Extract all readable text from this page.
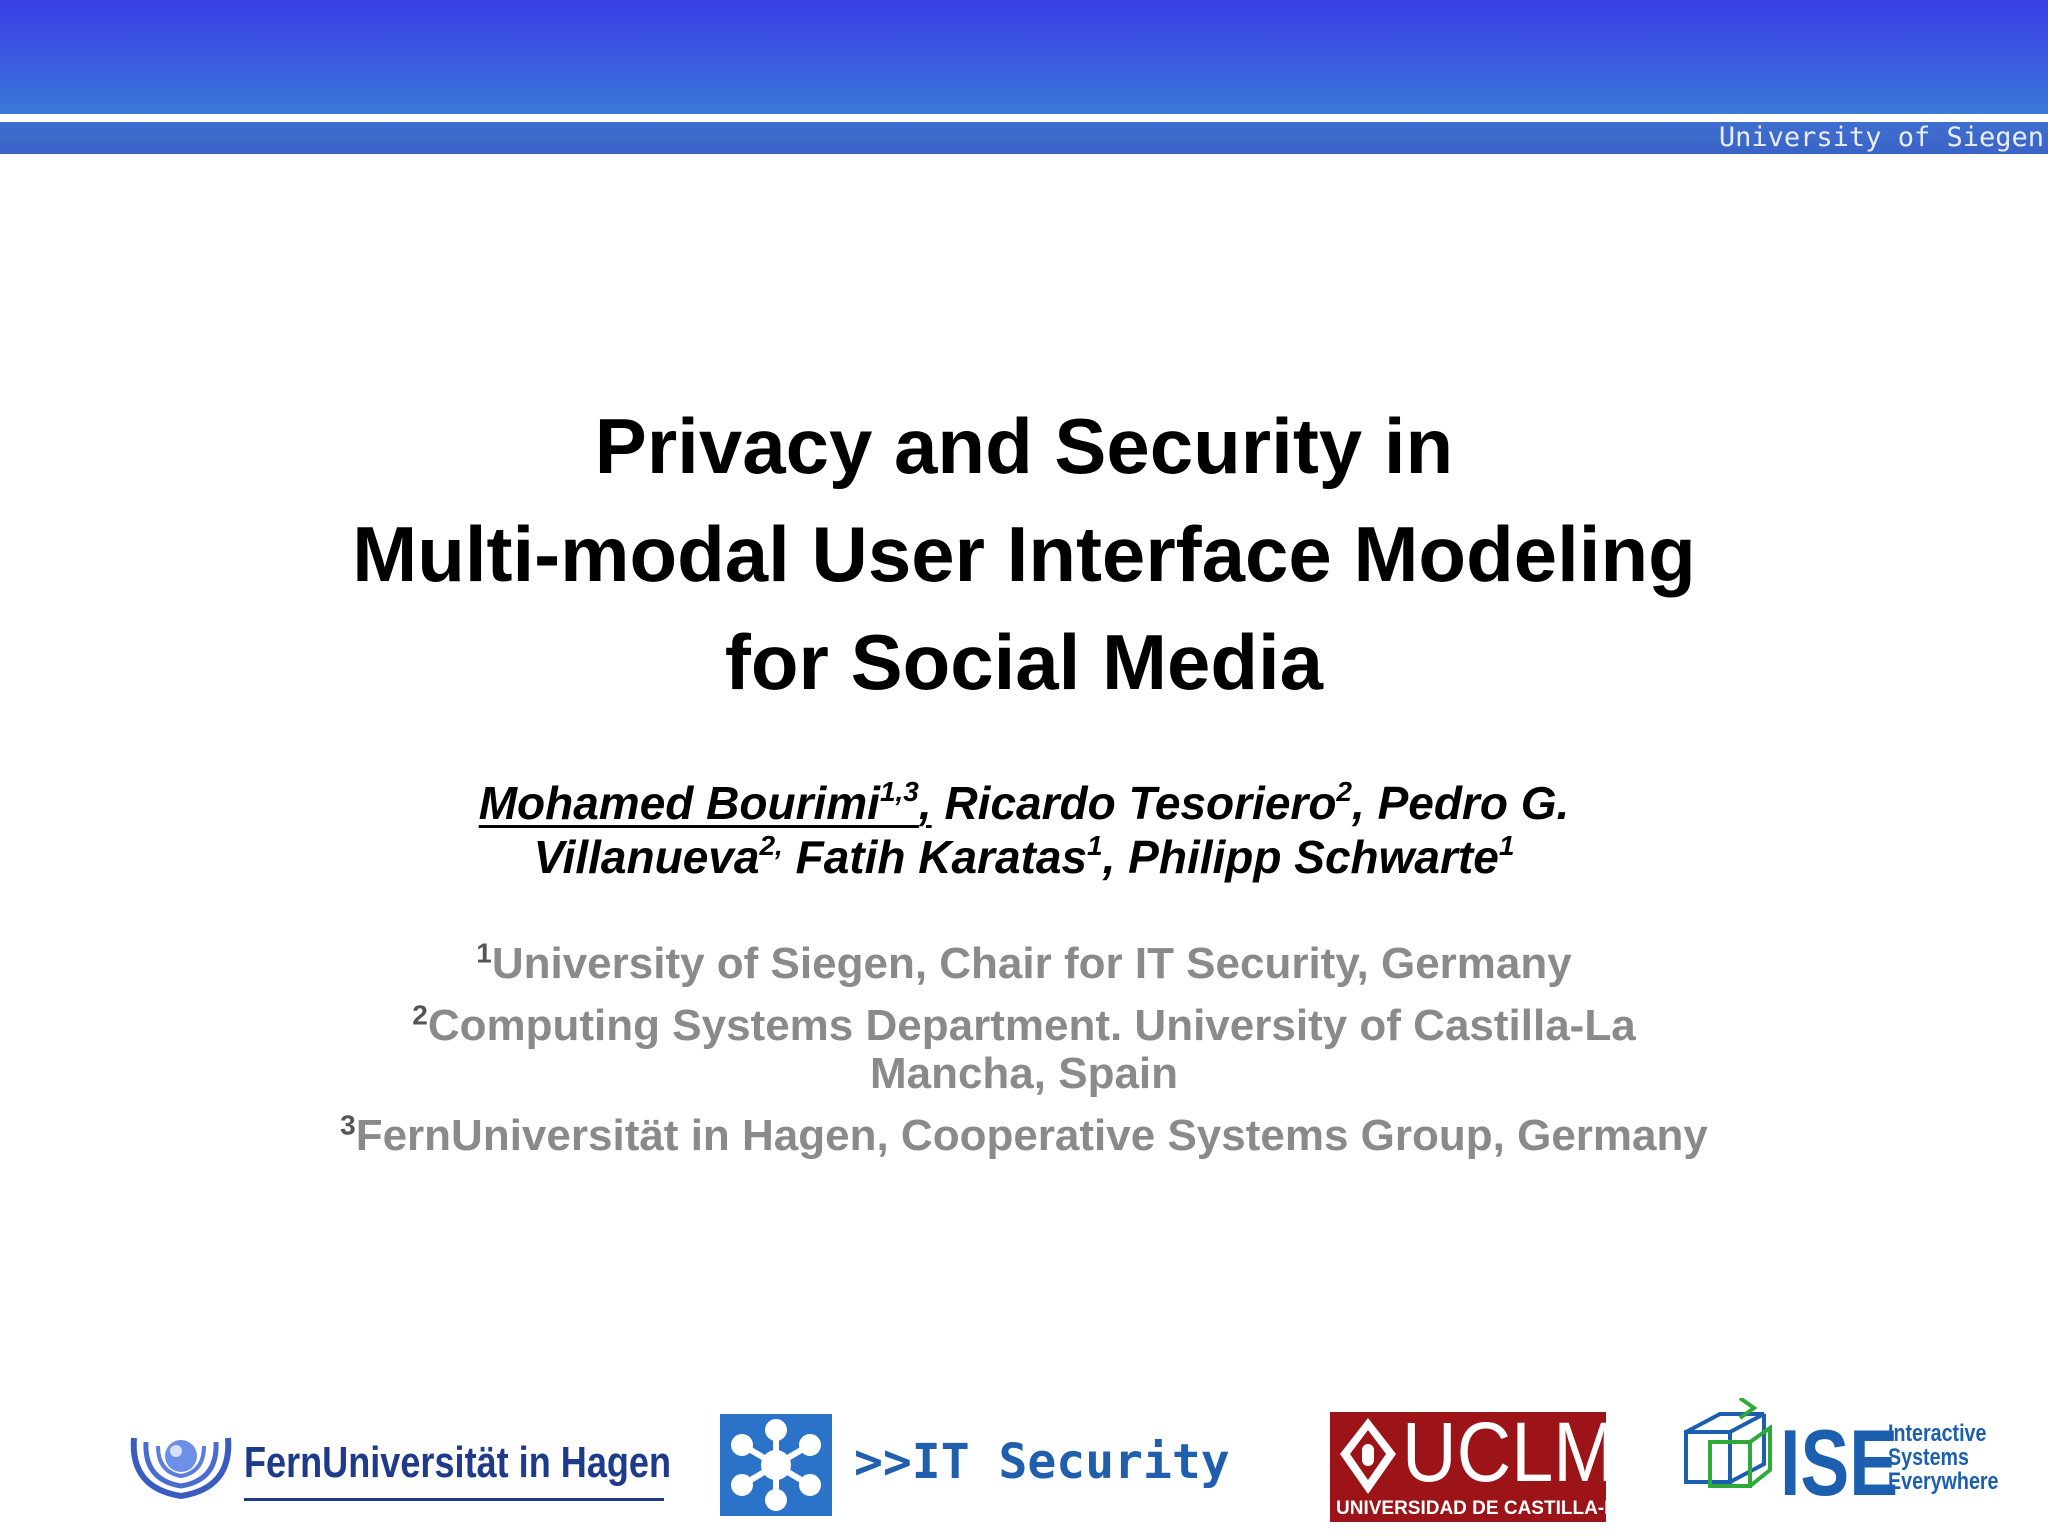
University of Siegen
Privacy and Security in
Multi-modal User Interface Modeling
for Social Media
Mohamed Bourimi$^{1,3}$, Ricardo Tesoriero$^2$, Pedro G.
Villanueva$^{2,}$ Fatih Karatas$^1$, Philipp Schwarte$^1$
$^1$University of Siegen, Chair for IT Security, Germany
$^2$Computing Systems Department. University of Castilla-La
Mancha, Spain
$^3$FernUniversität in Hagen, Cooperative Systems Group, Germany
FernUniversität in Hagen	>>IT Security UCLM
UNIVERSIDAD DE CASTILLA-LA MANCHA ISE
Interactive
Systems
Everywhere
